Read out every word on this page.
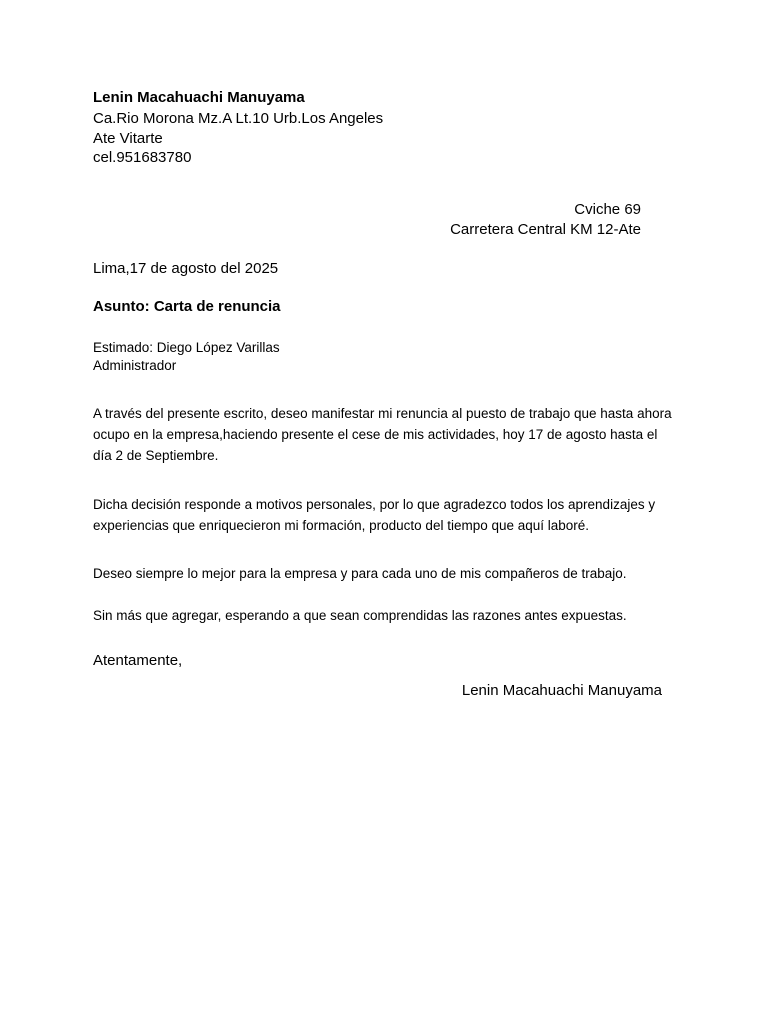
Lenin Macahuachi Manuyama
Ca.Rio Morona Mz.A Lt.10 Urb.Los Angeles
Ate Vitarte
cel.951683780
Cviche 69
Carretera Central KM 12-Ate
Lima,17 de agosto del 2025
Asunto: Carta de renuncia
Estimado: Diego López Varillas
Administrador
A través del presente escrito, deseo manifestar mi renuncia al puesto de trabajo que hasta ahora ocupo en la empresa,haciendo presente el cese de mis actividades, hoy 17 de agosto hasta el día 2 de Septiembre.
Dicha decisión responde a motivos personales, por lo que agradezco todos los aprendizajes y experiencias que enriquecieron mi formación, producto del tiempo que aquí laboré.
Deseo siempre lo mejor para la empresa y para cada uno de mis compañeros de trabajo.
Sin más que agregar, esperando a que sean comprendidas las razones antes expuestas.
Atentamente,
Lenin Macahuachi Manuyama
